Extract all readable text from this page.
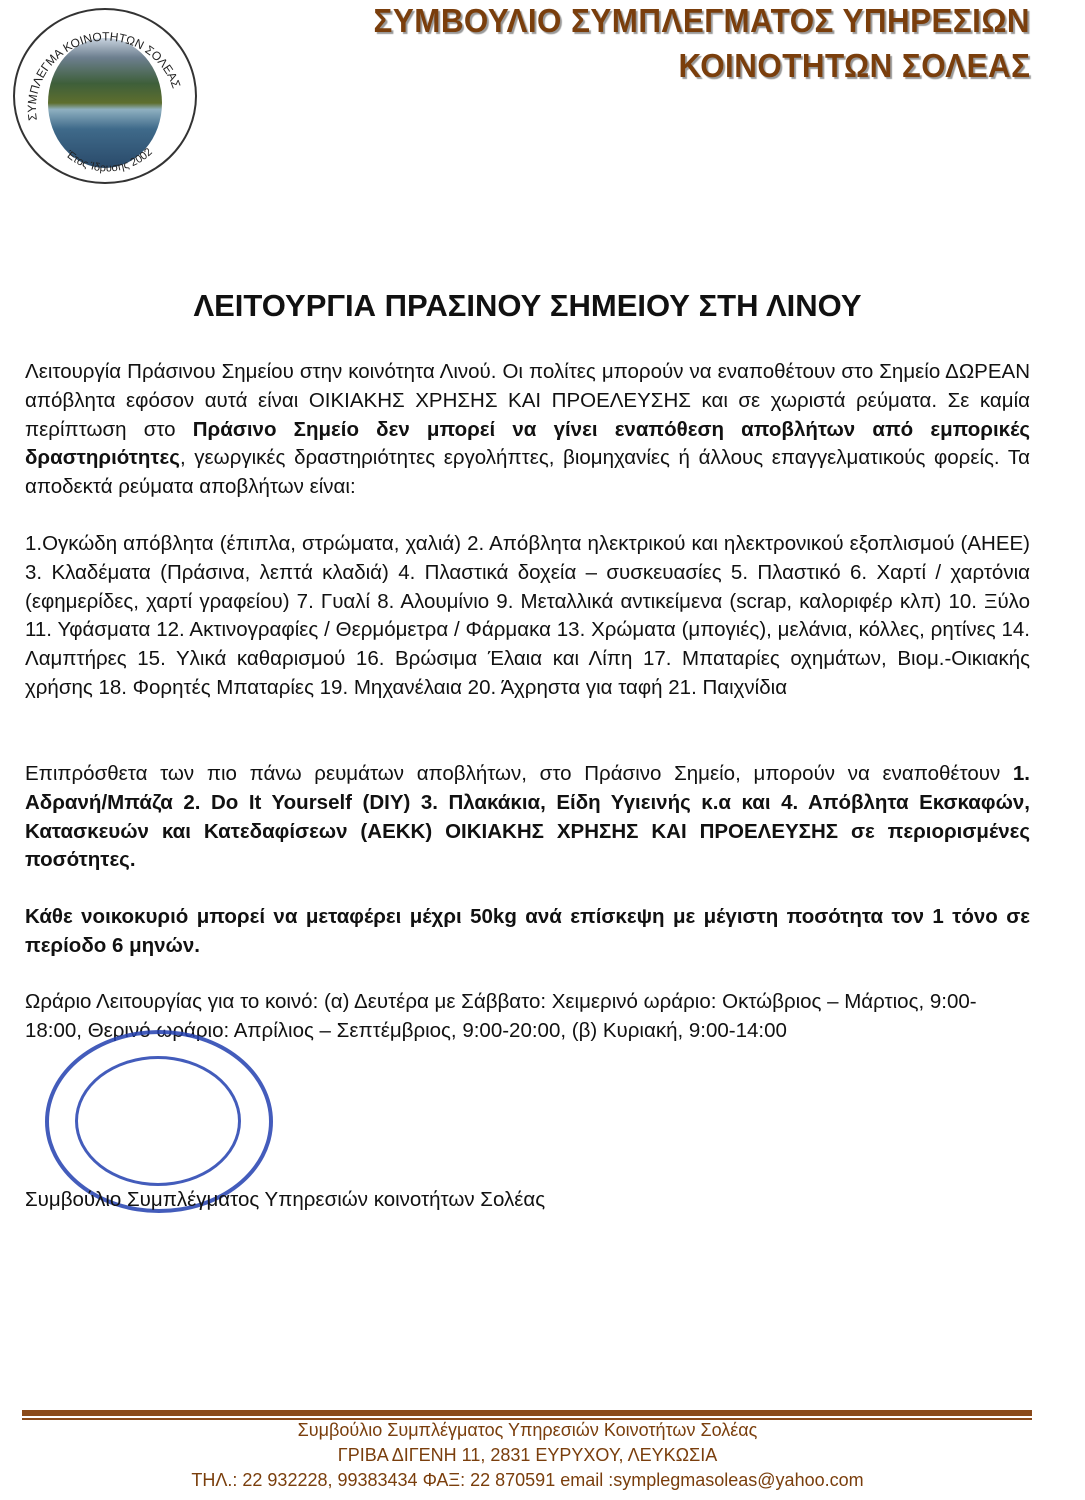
ΣΥΜΠΛΕΓΜΑ ΚΟΙΝΟΤΗΤΩΝ ΣΟΛΕΑΣ
Έτος Ίδρυσης 2002
ΣΥΜΒΟΥΛΙΟ ΣΥΜΠΛΕΓΜΑΤΟΣ ΥΠΗΡΕΣΙΩΝ
ΚΟΙΝΟΤΗΤΩΝ ΣΟΛΕΑΣ
ΛΕΙΤΟΥΡΓΙΑ ΠΡΑΣΙΝΟΥ ΣΗΜΕΙΟΥ ΣΤΗ ΛΙΝΟΥ
Λειτουργία Πράσινου Σημείου στην κοινότητα Λινού. Οι πολίτες μπορούν να εναποθέτουν στο Σημείο ΔΩΡΕΑΝ απόβλητα εφόσον αυτά είναι ΟΙΚΙΑΚΗΣ ΧΡΗΣΗΣ ΚΑΙ ΠΡΟΕΛΕΥΣΗΣ και σε χωριστά ρεύματα. Σε καμία περίπτωση στο Πράσινο Σημείο δεν μπορεί να γίνει εναπόθεση αποβλήτων από εμπορικές δραστηριότητες, γεωργικές δραστηριότητες εργολήπτες, βιομηχανίες ή άλλους επαγγελματικούς φορείς. Τα αποδεκτά ρεύματα αποβλήτων είναι:
1.Ογκώδη απόβλητα (έπιπλα, στρώματα, χαλιά) 2. Απόβλητα ηλεκτρικού και ηλεκτρονικού εξοπλισμού (ΑΗΕΕ) 3. Κλαδέματα (Πράσινα, λεπτά κλαδιά) 4. Πλαστικά δοχεία – συσκευασίες 5. Πλαστικό 6. Χαρτί / χαρτόνια (εφημερίδες, χαρτί γραφείου) 7. Γυαλί 8. Αλουμίνιο 9. Μεταλλικά αντικείμενα (scrap, καλοριφέρ κλπ) 10. Ξύλο 11. Υφάσματα 12. Ακτινογραφίες / Θερμόμετρα / Φάρμακα 13. Χρώματα (μπογιές), μελάνια, κόλλες, ρητίνες 14. Λαμπτήρες 15. Υλικά καθαρισμού 16. Βρώσιμα Έλαια και Λίπη 17. Μπαταρίες οχημάτων, Βιομ.-Οικιακής χρήσης 18. Φορητές Μπαταρίες 19. Μηχανέλαια 20. Άχρηστα για ταφή 21. Παιχνίδια
Επιπρόσθετα των πιο πάνω ρευμάτων αποβλήτων, στο Πράσινο Σημείο, μπορούν να εναποθέτουν 1. Αδρανή/Μπάζα 2. Do It Yourself (DIY) 3. Πλακάκια, Είδη Υγιεινής κ.α και 4. Απόβλητα Εκσκαφών, Κατασκευών και Κατεδαφίσεων (ΑΕΚΚ) ΟΙΚΙΑΚΗΣ ΧΡΗΣΗΣ ΚΑΙ ΠΡΟΕΛΕΥΣΗΣ σε περιορισμένες ποσότητες.
Κάθε νοικοκυριό μπορεί να μεταφέρει μέχρι 50kg ανά επίσκεψη με μέγιστη ποσότητα τον 1 τόνο σε περίοδο 6 μηνών.
Ωράριο Λειτουργίας για το κοινό: (α) Δευτέρα με Σάββατο: Χειμερινό ωράριο: Οκτώβριος – Μάρτιος, 9:00-18:00, Θερινό ωράριο: Απρίλιος – Σεπτέμβριος, 9:00-20:00, (β) Κυριακή, 9:00-14:00
Συμβούλιο Συμπλέγματος Υπηρεσιών κοινοτήτων Σολέας
Συμβούλιο Συμπλέγματος Υπηρεσιών Κοινοτήτων Σολέας
ΓΡΙΒΑ ΔΙΓΕΝΗ 11, 2831 ΕΥΡΥΧΟΥ, ΛΕΥΚΩΣΙΑ
ΤΗΛ.: 22 932228, 99383434 ΦΑΞ: 22 870591 email :symplegmasoleas@yahoo.com
